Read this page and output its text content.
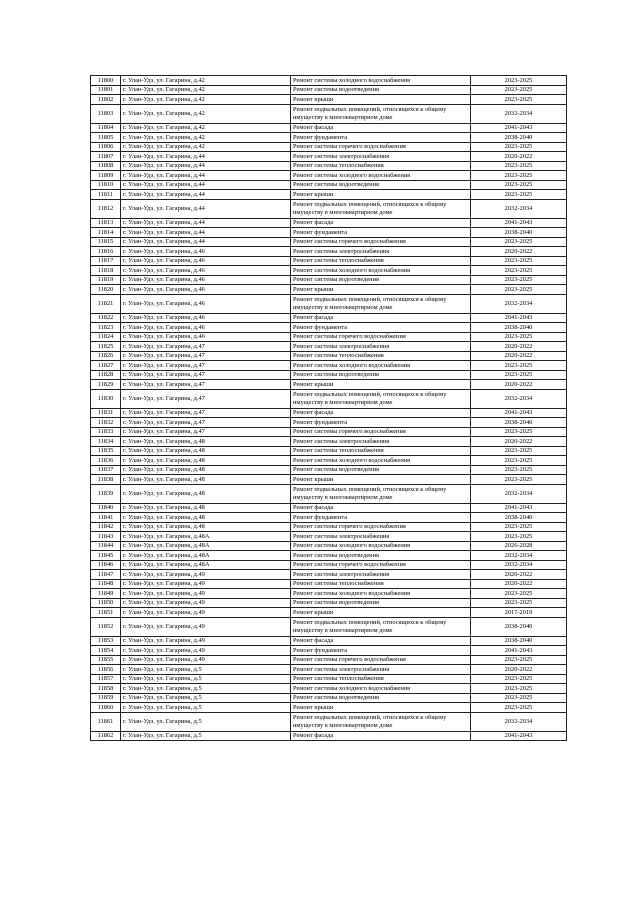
11800	г. Улан-Удэ, ул. Гагарина, д.42	Ремонт системы холодного водоснабжения	2023-2025
11801	г. Улан-Удэ, ул. Гагарина, д.42	Ремонт системы водоотведения	2023-2025
11802	г. Улан-Удэ, ул. Гагарина, д.42	Ремонт крыши	2023-2025
11803	г. Улан-Удэ, ул. Гагарина, д.42	Ремонт подвальных помещений, относящихся к общему имуществу в многоквартирном доме	2032-2034
11804	г. Улан-Удэ, ул. Гагарина, д.42	Ремонт фасада	2041-2043
11805	г. Улан-Удэ, ул. Гагарина, д.42	Ремонт фундамента	2038-2040
11806	г. Улан-Удэ, ул. Гагарина, д.42	Ремонт системы горячего водоснабжения	2023-2025
11807	г. Улан-Удэ, ул. Гагарина, д.44	Ремонт системы электроснабжения	2020-2022
11808	г. Улан-Удэ, ул. Гагарина, д.44	Ремонт системы теплоснабжения	2023-2025
11809	г. Улан-Удэ, ул. Гагарина, д.44	Ремонт системы холодного водоснабжения	2023-2025
11810	г. Улан-Удэ, ул. Гагарина, д.44	Ремонт системы водоотведения	2023-2025
11811	г. Улан-Удэ, ул. Гагарина, д.44	Ремонт крыши	2023-2025
11812	г. Улан-Удэ, ул. Гагарина, д.44	Ремонт подвальных помещений, относящихся к общему имуществу в многоквартирном доме	2032-2034
11813	г. Улан-Удэ, ул. Гагарина, д.44	Ремонт фасада	2041-2043
11814	г. Улан-Удэ, ул. Гагарина, д.44	Ремонт фундамента	2038-2040
11815	г. Улан-Удэ, ул. Гагарина, д.44	Ремонт системы горячего водоснабжения	2023-2025
11816	г. Улан-Удэ, ул. Гагарина, д.46	Ремонт системы электроснабжения	2020-2022
11817	г. Улан-Удэ, ул. Гагарина, д.46	Ремонт системы теплоснабжения	2023-2025
11818	г. Улан-Удэ, ул. Гагарина, д.46	Ремонт системы холодного водоснабжения	2023-2025
11819	г. Улан-Удэ, ул. Гагарина, д.46	Ремонт системы водоотведения	2023-2025
11820	г. Улан-Удэ, ул. Гагарина, д.46	Ремонт крыши	2023-2025
11821	г. Улан-Удэ, ул. Гагарина, д.46	Ремонт подвальных помещений, относящихся к общему имуществу в многоквартирном доме	2032-2034
11822	г. Улан-Удэ, ул. Гагарина, д.46	Ремонт фасада	2041-2043
11823	г. Улан-Удэ, ул. Гагарина, д.46	Ремонт фундамента	2038-2040
11824	г. Улан-Удэ, ул. Гагарина, д.46	Ремонт системы горячего водоснабжения	2023-2025
11825	г. Улан-Удэ, ул. Гагарина, д.47	Ремонт системы электроснабжения	2020-2022
11826	г. Улан-Удэ, ул. Гагарина, д.47	Ремонт системы теплоснабжения	2020-2022
11827	г. Улан-Удэ, ул. Гагарина, д.47	Ремонт системы холодного водоснабжения	2023-2025
11828	г. Улан-Удэ, ул. Гагарина, д.47	Ремонт системы водоотведения	2023-2025
11829	г. Улан-Удэ, ул. Гагарина, д.47	Ремонт крыши	2020-2022
11830	г. Улан-Удэ, ул. Гагарина, д.47	Ремонт подвальных помещений, относящихся к общему имуществу в многоквартирном доме	2032-2034
11831	г. Улан-Удэ, ул. Гагарина, д.47	Ремонт фасада	2041-2043
11832	г. Улан-Удэ, ул. Гагарина, д.47	Ремонт фундамента	2038-2040
11833	г. Улан-Удэ, ул. Гагарина, д.47	Ремонт системы горячего водоснабжения	2023-2025
11834	г. Улан-Удэ, ул. Гагарина, д.48	Ремонт системы электроснабжения	2020-2022
11835	г. Улан-Удэ, ул. Гагарина, д.48	Ремонт системы теплоснабжения	2023-2025
11836	г. Улан-Удэ, ул. Гагарина, д.48	Ремонт системы холодного водоснабжения	2023-2025
11837	г. Улан-Удэ, ул. Гагарина, д.48	Ремонт системы водоотведения	2023-2025
11838	г. Улан-Удэ, ул. Гагарина, д.48	Ремонт крыши	2023-2025
11839	г. Улан-Удэ, ул. Гагарина, д.48	Ремонт подвальных помещений, относящихся к общему имуществу в многоквартирном доме	2032-2034
11840	г. Улан-Удэ, ул. Гагарина, д.48	Ремонт фасада	2041-2043
11841	г. Улан-Удэ, ул. Гагарина, д.48	Ремонт фундамента	2038-2040
11842	г. Улан-Удэ, ул. Гагарина, д.48	Ремонт системы горячего водоснабжения	2023-2025
11843	г. Улан-Удэ, ул. Гагарина, д.48А	Ремонт системы электроснабжения	2023-2025
11844	г. Улан-Удэ, ул. Гагарина, д.48А	Ремонт системы холодного водоснабжения	2026-2028
11845	г. Улан-Удэ, ул. Гагарина, д.48А	Ремонт системы водоотведения	2032-2034
11846	г. Улан-Удэ, ул. Гагарина, д.48А	Ремонт системы горячего водоснабжения	2032-2034
11847	г. Улан-Удэ, ул. Гагарина, д.49	Ремонт системы электроснабжения	2020-2022
11848	г. Улан-Удэ, ул. Гагарина, д.49	Ремонт системы теплоснабжения	2020-2022
11849	г. Улан-Удэ, ул. Гагарина, д.49	Ремонт системы холодного водоснабжения	2023-2025
11850	г. Улан-Удэ, ул. Гагарина, д.49	Ремонт системы водоотведения	2023-2025
11851	г. Улан-Удэ, ул. Гагарина, д.49	Ремонт крыши	2017-2019
11852	г. Улан-Удэ, ул. Гагарина, д.49	Ремонт подвальных помещений, относящихся к общему имуществу в многоквартирном доме	2038-2040
11853	г. Улан-Удэ, ул. Гагарина, д.49	Ремонт фасада	2038-2040
11854	г. Улан-Удэ, ул. Гагарина, д.49	Ремонт фундамента	2041-2043
11855	г. Улан-Удэ, ул. Гагарина, д.49	Ремонт системы горячего водоснабжения	2023-2025
11856	г. Улан-Удэ, ул. Гагарина, д.5	Ремонт системы электроснабжения	2020-2022
11857	г. Улан-Удэ, ул. Гагарина, д.5	Ремонт системы теплоснабжения	2023-2025
11858	г. Улан-Удэ, ул. Гагарина, д.5	Ремонт системы холодного водоснабжения	2023-2025
11859	г. Улан-Удэ, ул. Гагарина, д.5	Ремонт системы водоотведения	2023-2025
11860	г. Улан-Удэ, ул. Гагарина, д.5	Ремонт крыши	2023-2025
11861	г. Улан-Удэ, ул. Гагарина, д.5	Ремонт подвальных помещений, относящихся к общему имуществу в многоквартирном доме	2032-2034
11862	г. Улан-Удэ, ул. Гагарина, д.5	Ремонт фасада	2041-2043
